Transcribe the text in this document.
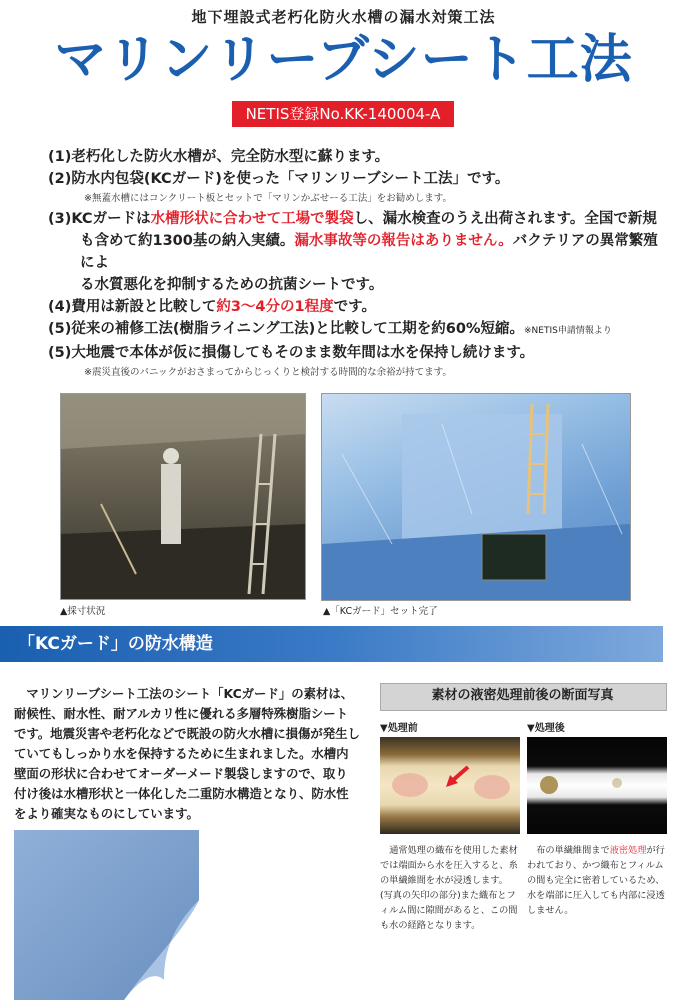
地下埋設式老朽化防火水槽の漏水対策工法
マリンリーブシート工法
NETIS登録No.KK-140004-A

(1)老朽化した防火水槽が、完全防水型に蘇ります。

(2)防水内包袋(KCガード)を使った「マリンリーブシート工法」です。

※無蓋水槽にはコンクリート板とセットで「マリンかぶせーる工法」をお勧めします。

(3)KCガードは水槽形状に合わせて工場で製袋し、漏水検査のうえ出荷されます。全国で新規

も含めて約1300基の納入実績。漏水事故等の報告はありません。バクテリアの異常繁殖によ

る水質悪化を抑制するための抗菌シートです。

(4)費用は新設と比較して約3～4分の1程度です。

(5)従来の補修工法(樹脂ライニング工法)と比較して工期を約60%短縮。※NETIS申請情報より

(5)大地震で本体が仮に損傷してもそのまま数年間は水を保持し続けます。

※震災直後のパニックがおさまってからじっくりと検討する時間的な余裕が持てます。

▲採寸状況	▲「KCガード」セット完了
「KCガード」の防水構造
マリンリーブシート工法のシート「KCガード」の素材は、耐候性、耐水性、耐アルカリ性に優れる多層特殊樹脂シートです。地震災害や老朽化などで既設の防火水槽に損傷が発生していてもしっかり水を保持するために生まれました。水槽内壁面の形状に合わせてオーダーメード製袋しますので、取り付け後は水槽形状と一体化した二重防水構造となり、防水性をより確実なものにしています。
素材の液密処理前後の断面写真
▼処理前	▼処理後
通常処理の織布を使用した素材では端面から水を圧入すると、糸の単繊維間を水が浸透します。(写真の矢印の部分)また織布とフィルム間に隙間があると、この間も水の経路となります。
布の単繊維間まで液密処理が行われており、かつ織布とフィルムの間も完全に密着しているため、水を端部に圧入しても内部に浸透しません。
